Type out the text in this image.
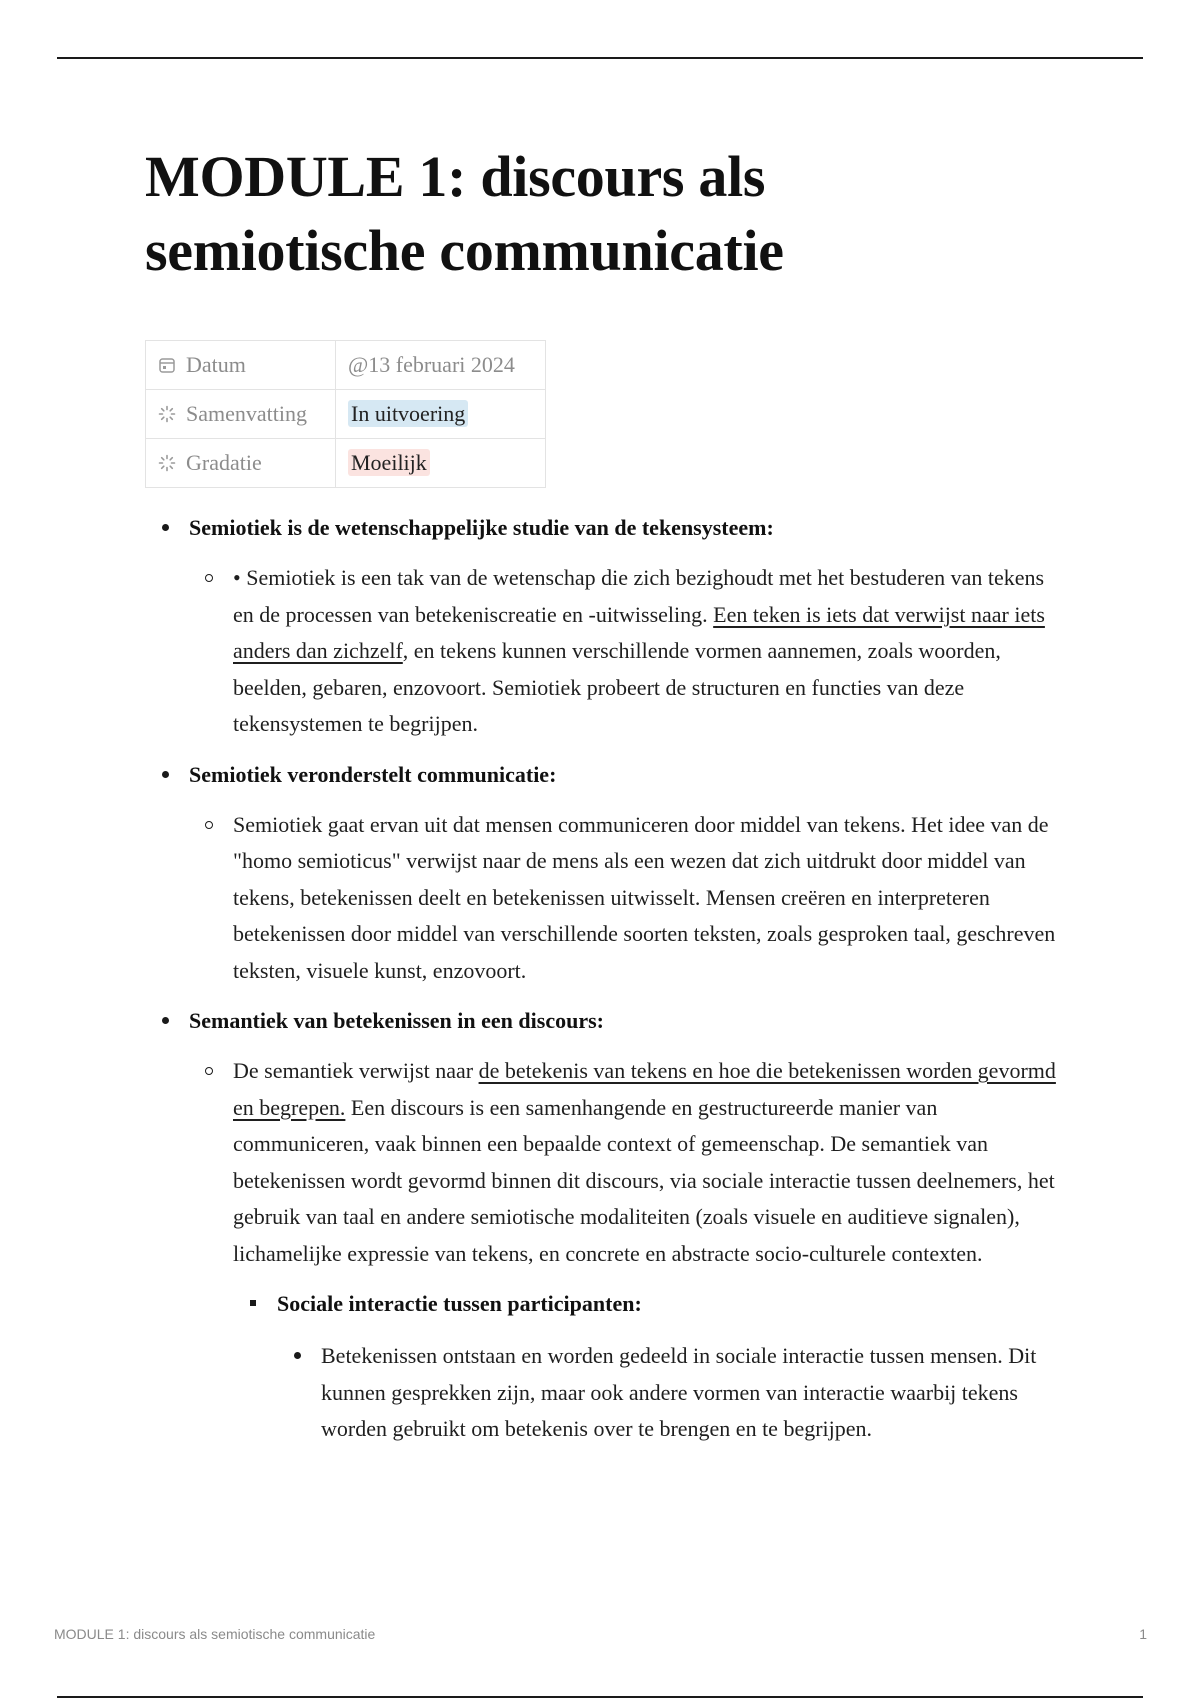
MODULE 1: discours als semiotische communicatie
Datum	@13 februari 2024
Samenvatting	In uitvoering
Gradatie	Moeilijk
Semiotiek is de wetenschappelijke studie van de tekensysteem:
• Semiotiek is een tak van de wetenschap die zich bezighoudt met het bestuderen van tekens en de processen van betekeniscreatie en -uitwisseling. Een teken is iets dat verwijst naar iets anders dan zichzelf, en tekens kunnen verschillende vormen aannemen, zoals woorden, beelden, gebaren, enzovoort. Semiotiek probeert de structuren en functies van deze tekensystemen te begrijpen.
Semiotiek veronderstelt communicatie:
Semiotiek gaat ervan uit dat mensen communiceren door middel van tekens. Het idee van de "homo semioticus" verwijst naar de mens als een wezen dat zich uitdrukt door middel van tekens, betekenissen deelt en betekenissen uitwisselt. Mensen creëren en interpreteren betekenissen door middel van verschillende soorten teksten, zoals gesproken taal, geschreven teksten, visuele kunst, enzovoort.
Semantiek van betekenissen in een discours:
De semantiek verwijst naar de betekenis van tekens en hoe die betekenissen worden gevormd en begrepen. Een discours is een samenhangende en gestructureerde manier van communiceren, vaak binnen een bepaalde context of gemeenschap. De semantiek van betekenissen wordt gevormd binnen dit discours, via sociale interactie tussen deelnemers, het gebruik van taal en andere semiotische modaliteiten (zoals visuele en auditieve signalen), lichamelijke expressie van tekens, en concrete en abstracte socio-culturele contexten.
Sociale interactie tussen participanten:
Betekenissen ontstaan en worden gedeeld in sociale interactie tussen mensen. Dit kunnen gesprekken zijn, maar ook andere vormen van interactie waarbij tekens worden gebruikt om betekenis over te brengen en te begrijpen.
MODULE 1: discours als semiotische communicatie	1
